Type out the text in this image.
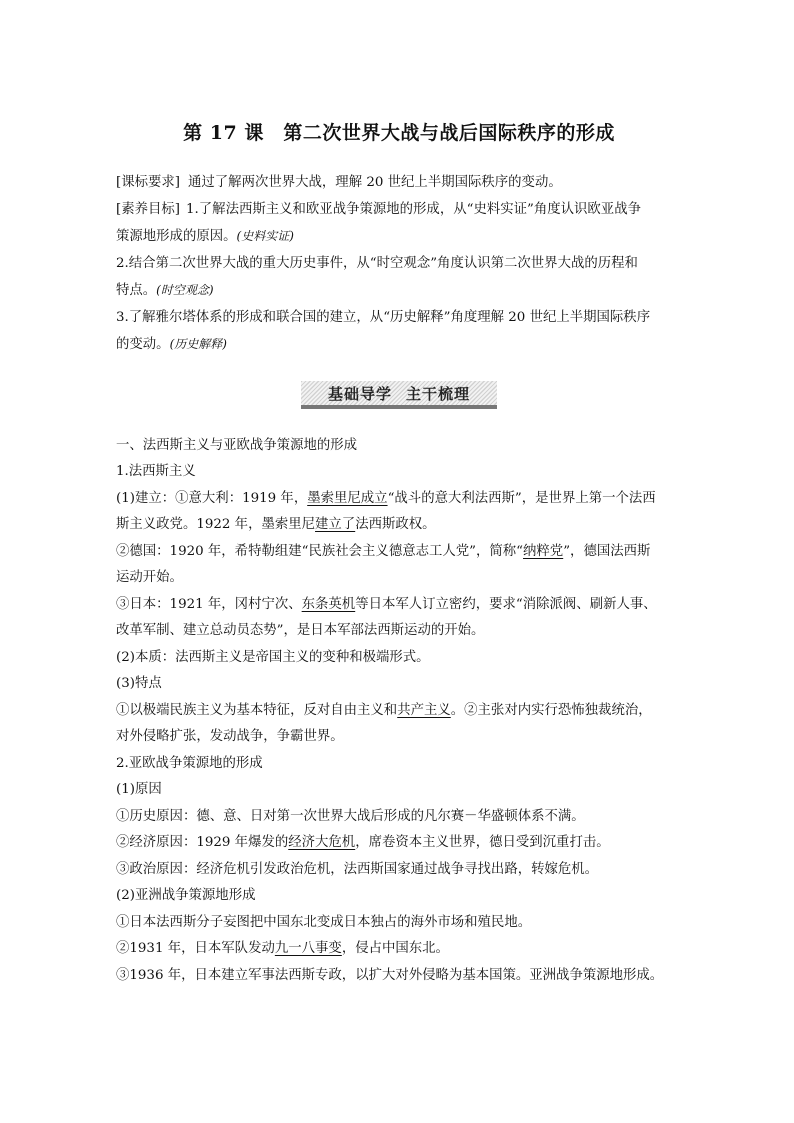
第 17 课　第二次世界大战与战后国际秩序的形成
[课标要求] 通过了解两次世界大战，理解 20 世纪上半期国际秩序的变动。
[素养目标] 1.了解法西斯主义和欧亚战争策源地的形成，从“史料实证”角度认识欧亚战争
策源地形成的原因。(史料实证)
2.结合第二次世界大战的重大历史事件，从“时空观念”角度认识第二次世界大战的历程和
特点。(时空观念)
3.了解雅尔塔体系的形成和联合国的建立，从“历史解释”角度理解 20 世纪上半期国际秩序
的变动。(历史解释)
基础导学 主干梳理
一、法西斯主义与亚欧战争策源地的形成
1.法西斯主义
(1)建立：①意大利：1919 年，墨索里尼成立“战斗的意大利法西斯”，是世界上第一个法西
斯主义政党。1922 年，墨索里尼建立了法西斯政权。
②德国：1920 年，希特勒组建“民族社会主义德意志工人党”，简称“纳粹党”，德国法西斯
运动开始。
③日本：1921 年，冈村宁次、东条英机等日本军人订立密约，要求“消除派阀、刷新人事、
改革军制、建立总动员态势”，是日本军部法西斯运动的开始。
(2)本质：法西斯主义是帝国主义的变种和极端形式。
(3)特点
①以极端民族主义为基本特征，反对自由主义和共产主义。②主张对内实行恐怖独裁统治，
对外侵略扩张，发动战争，争霸世界。
2.亚欧战争策源地的形成
(1)原因
①历史原因：德、意、日对第一次世界大战后形成的凡尔赛－华盛顿体系不满。
②经济原因：1929 年爆发的经济大危机，席卷资本主义世界，德日受到沉重打击。
③政治原因：经济危机引发政治危机，法西斯国家通过战争寻找出路，转嫁危机。
(2)亚洲战争策源地形成
①日本法西斯分子妄图把中国东北变成日本独占的海外市场和殖民地。
②1931 年，日本军队发动九一八事变，侵占中国东北。
③1936 年，日本建立军事法西斯专政，以扩大对外侵略为基本国策。亚洲战争策源地形成。
